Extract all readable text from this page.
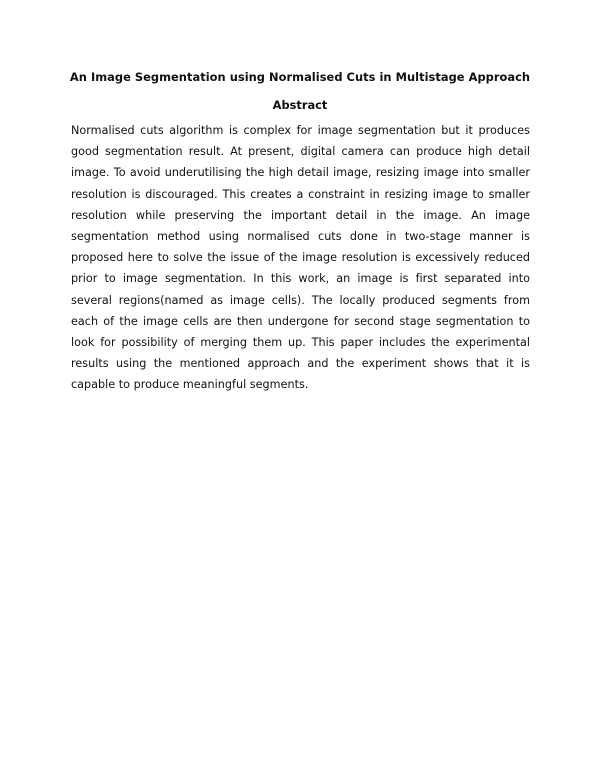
An Image Segmentation using Normalised Cuts in Multistage Approach
Abstract

Normalised cuts algorithm is complex for image segmentation but it produces good segmentation result. At present, digital camera can produce high detail image. To avoid underutilising the high detail image, resizing image into smaller resolution is discouraged. This creates a constraint in resizing image to smaller resolution while preserving the important detail in the image. An image segmentation method using normalised cuts done in two-stage manner is proposed here to solve the issue of the image resolution is excessively reduced prior to image segmentation. In this work, an image is first separated into several regions(named as image cells). The locally produced segments from each of the image cells are then undergone for second stage segmentation to look for possibility of merging them up. This paper includes the experimental results using the mentioned approach and the experiment shows that it is capable to produce meaningful segments.
